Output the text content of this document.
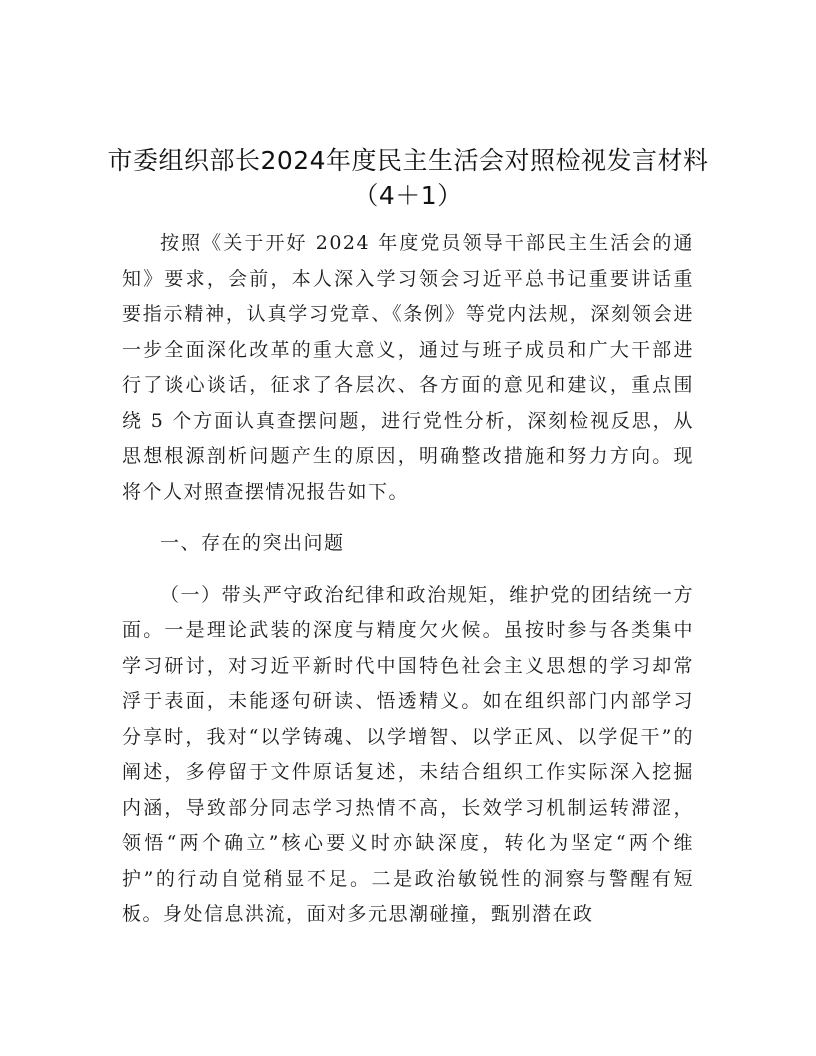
市委组织部长2024年度民主生活会对照检视发言材料（4＋1）

按照《关于开好 2024 年度党员领导干部民主生活会的通知》要求，会前，本人深入学习领会习近平总书记重要讲话重要指示精神，认真学习党章、《条例》等党内法规，深刻领会进一步全面深化改革的重大意义，通过与班子成员和广大干部进行了谈心谈话，征求了各层次、各方面的意见和建议，重点围绕 5 个方面认真查摆问题，进行党性分析，深刻检视反思，从思想根源剖析问题产生的原因，明确整改措施和努力方向。现将个人对照查摆情况报告如下。

一、存在的突出问题

（一）带头严守政治纪律和政治规矩，维护党的团结统一方面。一是理论武装的深度与精度欠火候。虽按时参与各类集中学习研讨，对习近平新时代中国特色社会主义思想的学习却常浮于表面，未能逐句研读、悟透精义。如在组织部门内部学习分享时，我对“以学铸魂、以学增智、以学正风、以学促干”的阐述，多停留于文件原话复述，未结合组织工作实际深入挖掘内涵，导致部分同志学习热情不高，长效学习机制运转滞涩，领悟“两个确立”核心要义时亦缺深度，转化为坚定“两个维护”的行动自觉稍显不足。二是政治敏锐性的洞察与警醒有短板。身处信息洪流，面对多元思潮碰撞，甄别潜在政
